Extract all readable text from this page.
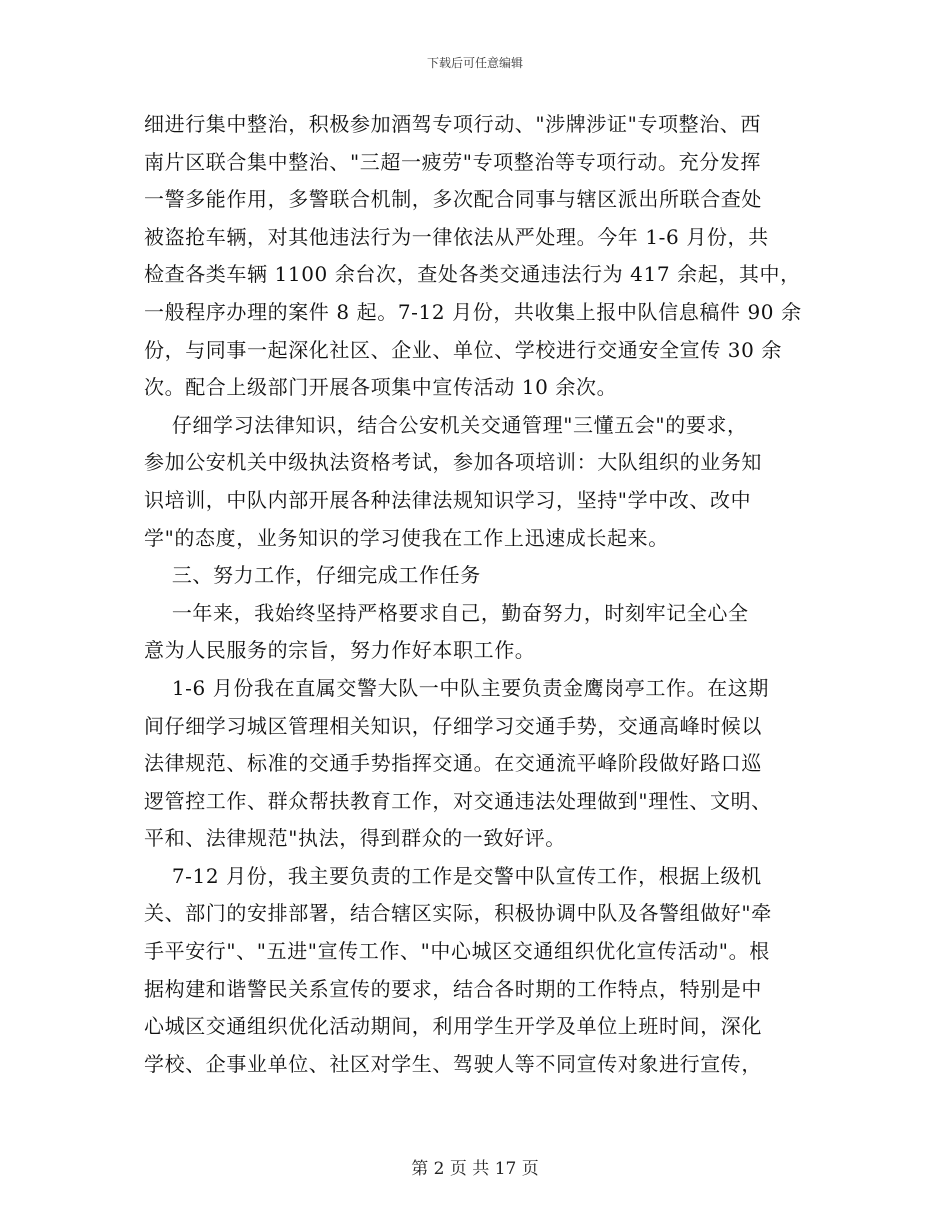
下载后可任意编辑
细进行集中整治，积极参加酒驾专项行动、"涉牌涉证"专项整治、西
南片区联合集中整治、"三超一疲劳"专项整治等专项行动。充分发挥
一警多能作用，多警联合机制，多次配合同事与辖区派出所联合查处
被盗抢车辆，对其他违法行为一律依法从严处理。今年 1-6 月份，共
检查各类车辆 1100 余台次，查处各类交通违法行为 417 余起，其中，
一般程序办理的案件 8 起。7-12 月份，共收集上报中队信息稿件 90 余
份，与同事一起深化社区、企业、单位、学校进行交通安全宣传 30 余
次。配合上级部门开展各项集中宣传活动 10 余次。
仔细学习法律知识，结合公安机关交通管理"三懂五会"的要求，
参加公安机关中级执法资格考试，参加各项培训：大队组织的业务知
识培训，中队内部开展各种法律法规知识学习，坚持"学中改、改中
学"的态度，业务知识的学习使我在工作上迅速成长起来。
三、努力工作，仔细完成工作任务
一年来，我始终坚持严格要求自己，勤奋努力，时刻牢记全心全
意为人民服务的宗旨，努力作好本职工作。
1-6 月份我在直属交警大队一中队主要负责金鹰岗亭工作。在这期
间仔细学习城区管理相关知识，仔细学习交通手势，交通高峰时候以
法律规范、标准的交通手势指挥交通。在交通流平峰阶段做好路口巡
逻管控工作、群众帮扶教育工作，对交通违法处理做到"理性、文明、
平和、法律规范"执法，得到群众的一致好评。
7-12 月份，我主要负责的工作是交警中队宣传工作，根据上级机
关、部门的安排部署，结合辖区实际，积极协调中队及各警组做好"牵
手平安行"、"五进"宣传工作、"中心城区交通组织优化宣传活动"。根
据构建和谐警民关系宣传的要求，结合各时期的工作特点，特别是中
心城区交通组织优化活动期间，利用学生开学及单位上班时间，深化
学校、企事业单位、社区对学生、驾驶人等不同宣传对象进行宣传，
第 2 页 共 17 页
